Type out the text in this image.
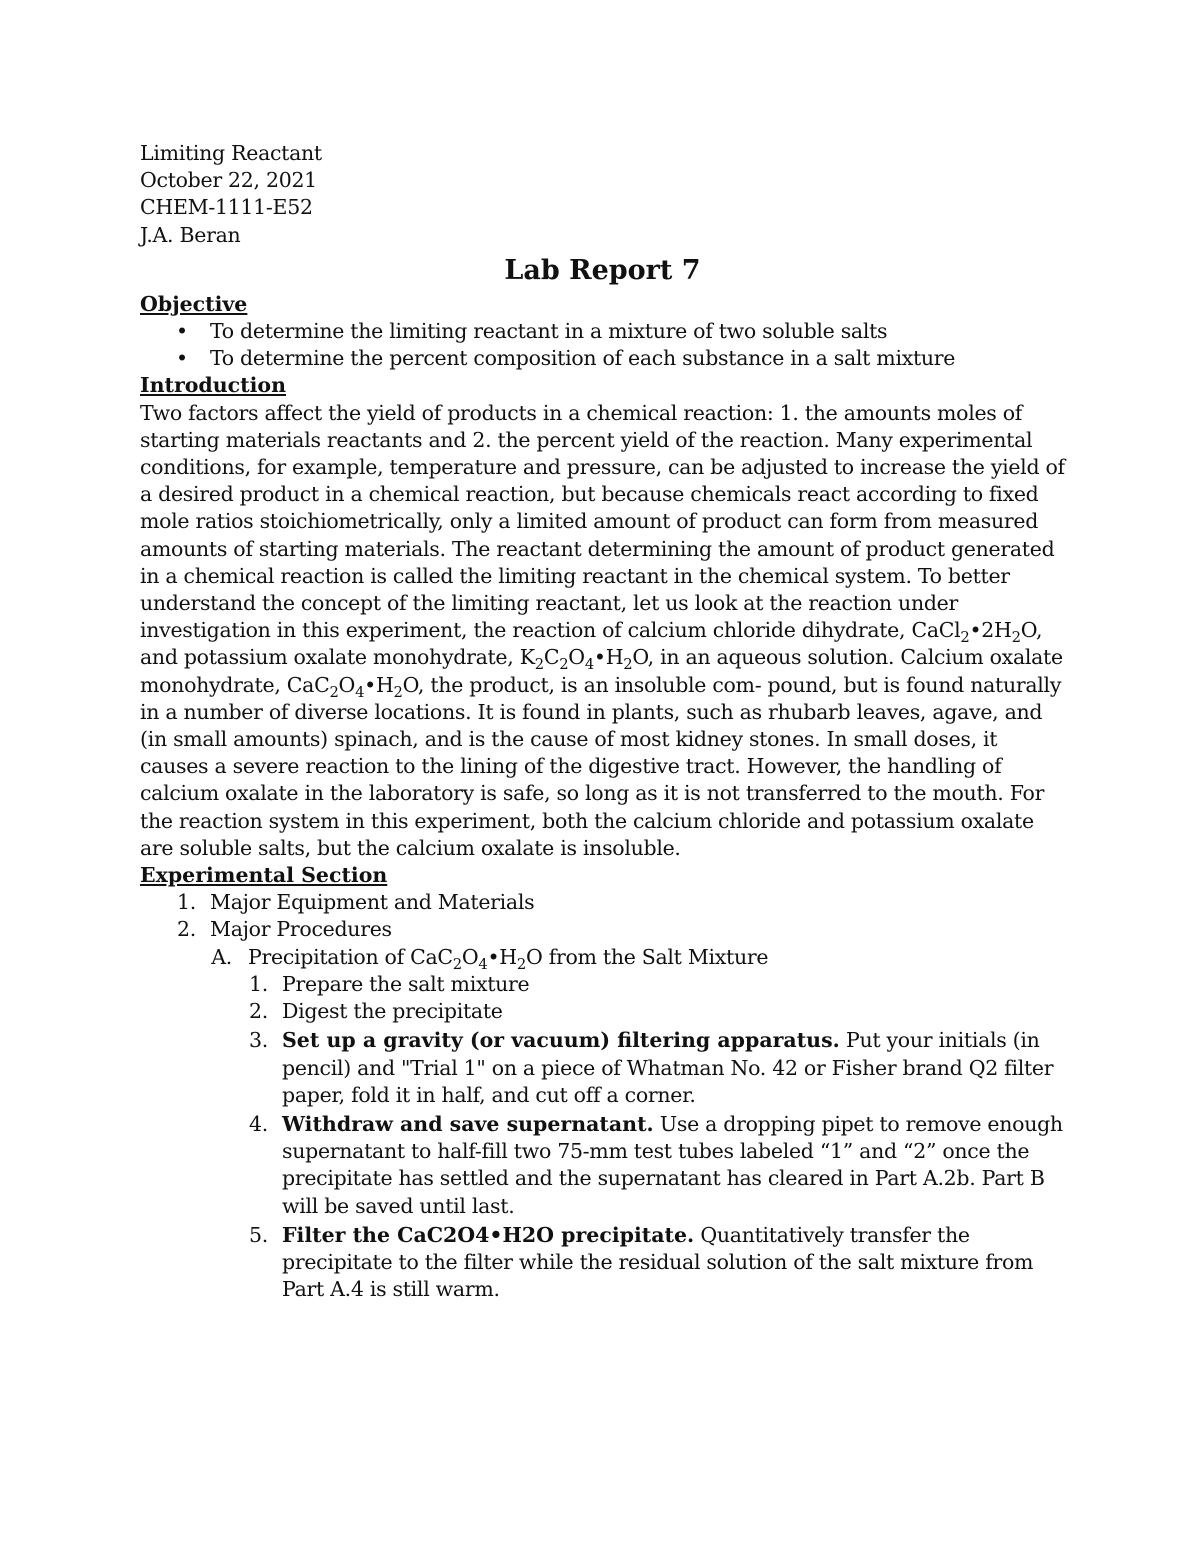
Limiting Reactant
October 22, 2021
CHEM-1111-E52
J.A. Beran
Lab Report 7
Objective
• To determine the limiting reactant in a mixture of two soluble salts
• To determine the percent composition of each substance in a salt mixture
Introduction

Two factors affect the yield of products in a chemical reaction: 1. the amounts moles of starting materials reactants and 2. the percent yield of the reaction. Many experimental conditions, for example, temperature and pressure, can be adjusted to increase the yield of a desired product in a chemical reaction, but because chemicals react according to fixed mole ratios stoichiometrically, only a limited amount of product can form from measured amounts of starting materials. The reactant determining the amount of product generated in a chemical reaction is called the limiting reactant in the chemical system. To better understand the concept of the limiting reactant, let us look at the reaction under investigation in this experiment, the reaction of calcium chloride dihydrate, $CaCl_2•2H_2O$, and potassium oxalate monohydrate, $K_2C_2O_4•H_2O$, in an aqueous solution. Calcium oxalate monohydrate, $CaC_2O_4•H_2O$, the product, is an insoluble com- pound, but is found naturally in a number of diverse locations. It is found in plants, such as rhubarb leaves, agave, and (in small amounts) spinach, and is the cause of most kidney stones. In small doses, it causes a severe reaction to the lining of the digestive tract. However, the handling of calcium oxalate in the laboratory is safe, so long as it is not transferred to the mouth. For the reaction system in this experiment, both the calcium chloride and potassium oxalate are soluble salts, but the calcium oxalate is insoluble.

Experimental Section
1. Major Equipment and Materials
2. Major Procedures
A. Precipitation of $CaC_2O_4•H_2O$ from the Salt Mixture
1. Prepare the salt mixture
2. Digest the precipitate
3. Set up a gravity (or vacuum) filtering apparatus. Put your initials (in pencil) and "Trial 1" on a piece of Whatman No. 42 or Fisher brand Q2 filter paper, fold it in half, and cut off a corner.
4. Withdraw and save supernatant. Use a dropping pipet to remove enough supernatant to half-fill two 75-mm test tubes labeled “1” and “2” once the precipitate has settled and the supernatant has cleared in Part A.2b. Part B will be saved until last.
5. Filter the CaC2O4•H2O precipitate. Quantitatively transfer the precipitate to the filter while the residual solution of the salt mixture from Part A.4 is still warm.
